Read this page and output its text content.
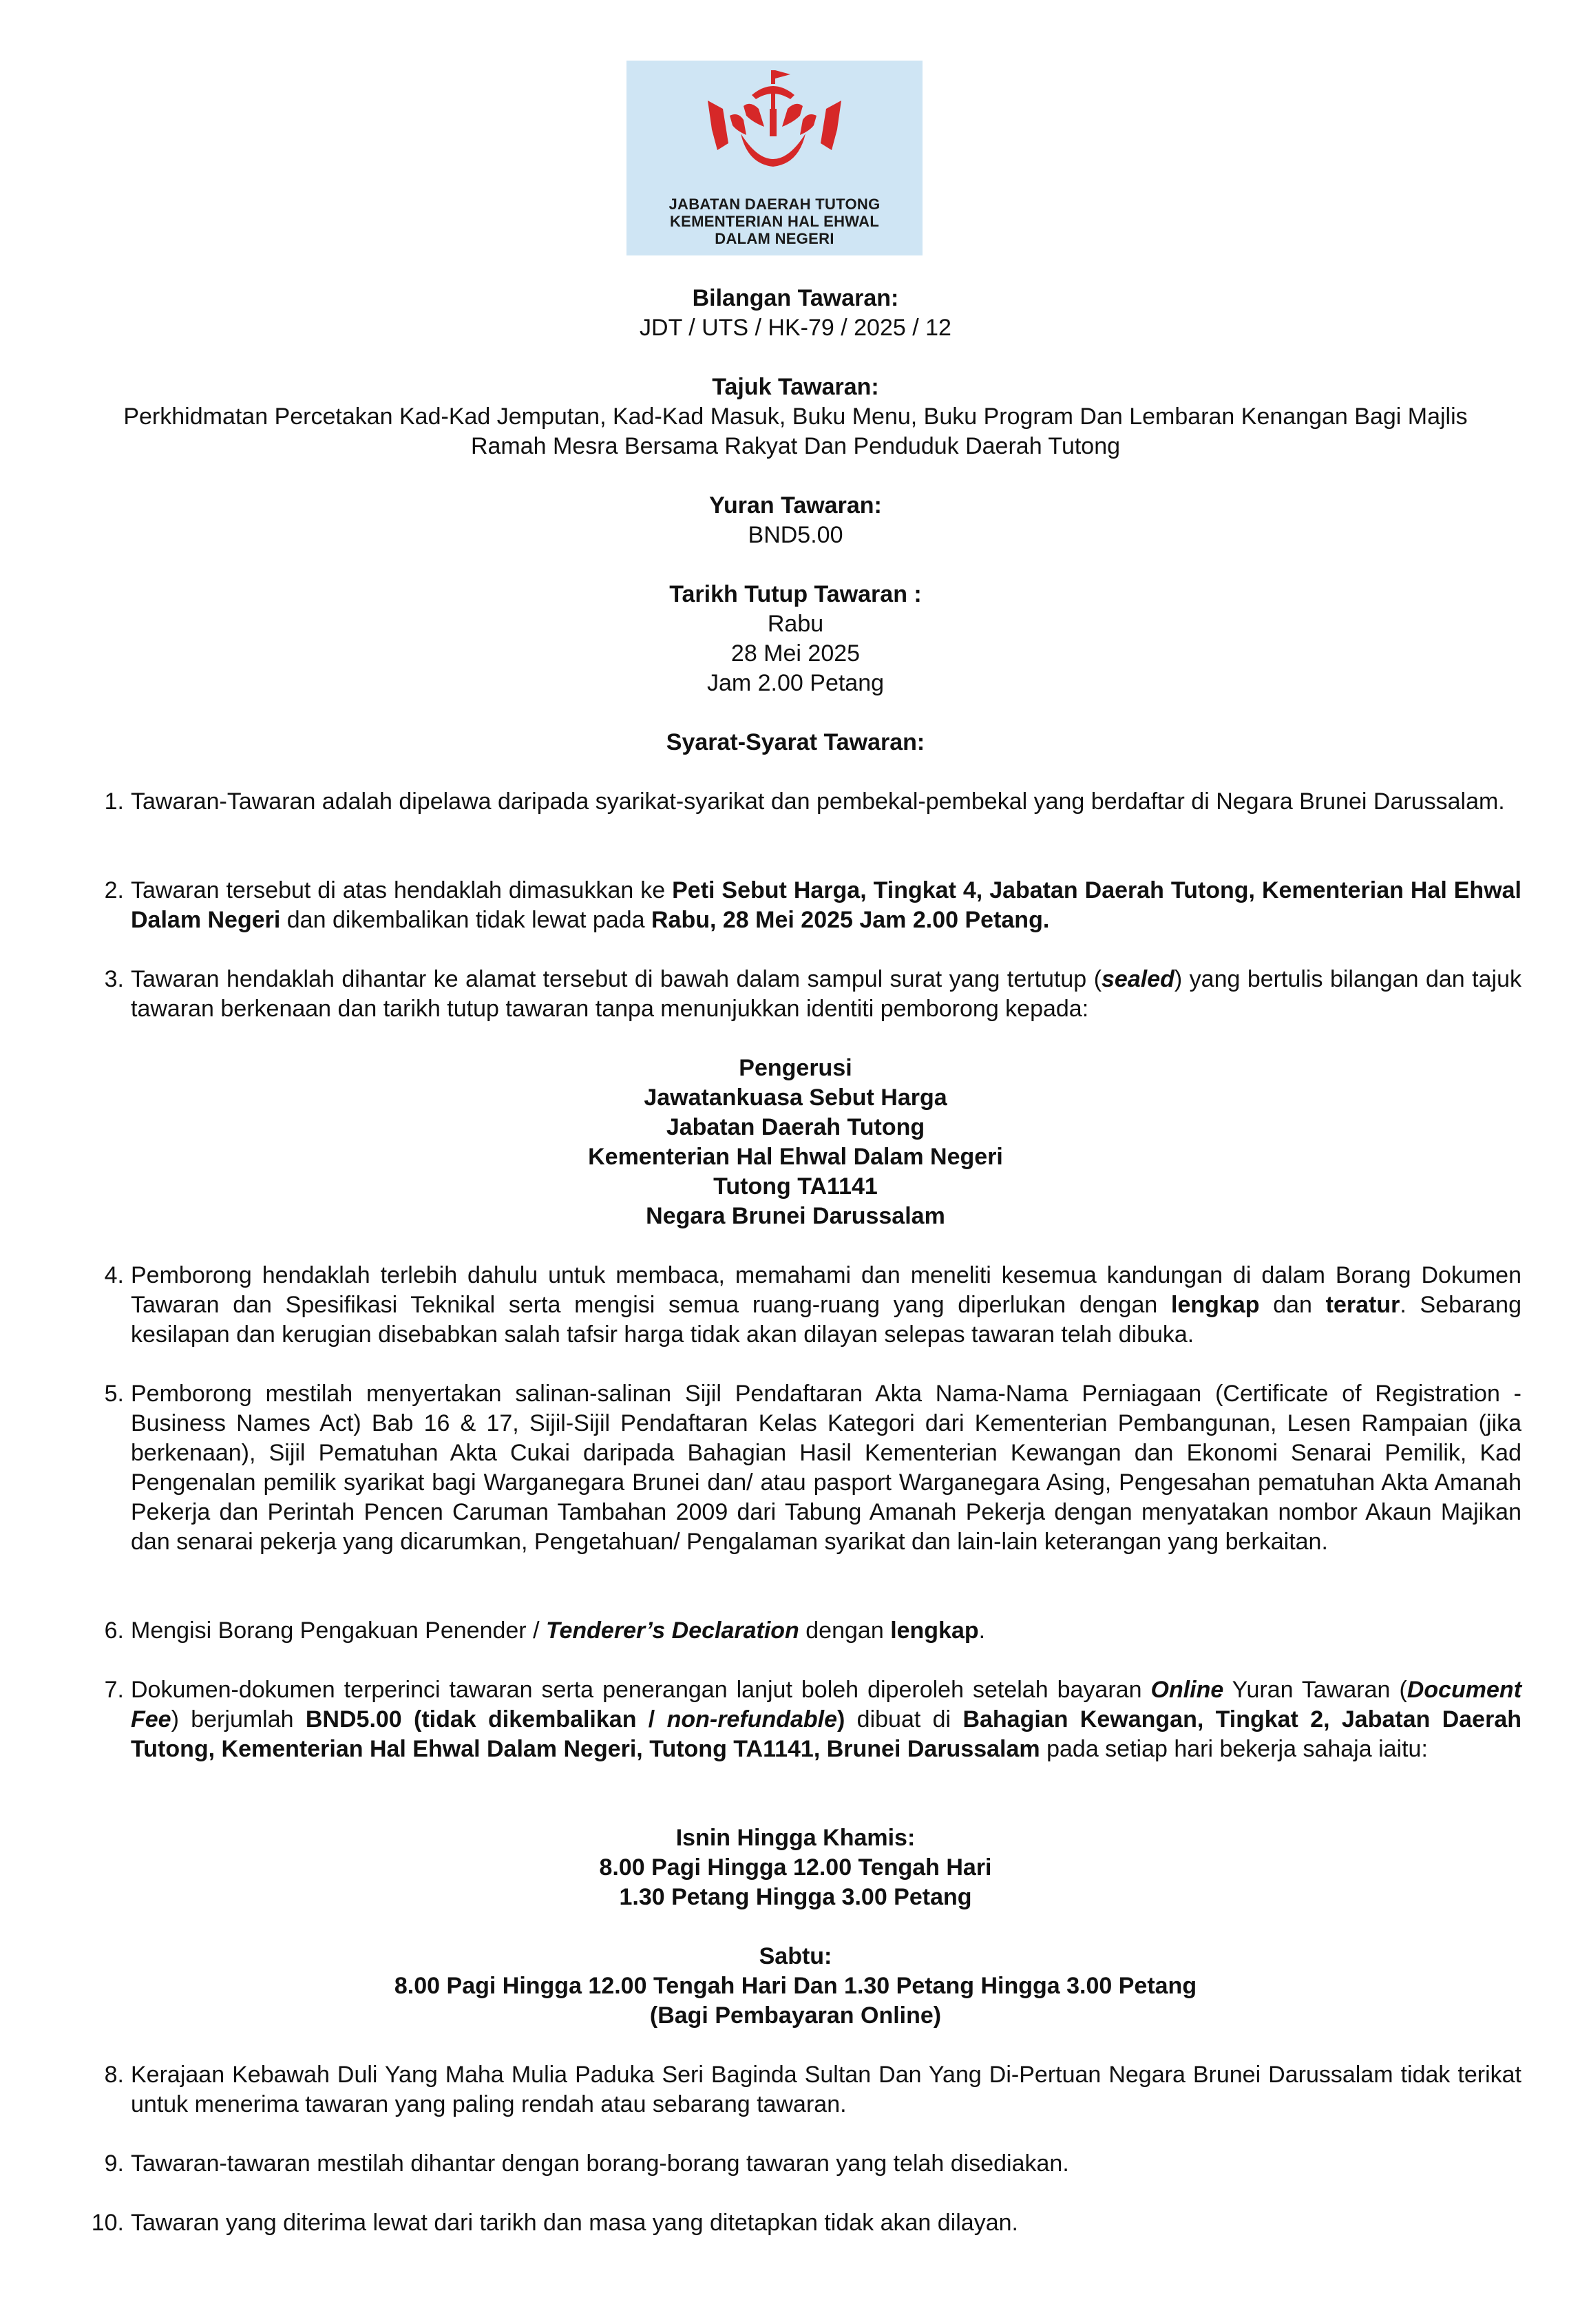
JABATAN DAERAH TUTONG
KEMENTERIAN HAL EHWAL
DALAM NEGERI
Bilangan Tawaran:
JDT / UTS / HK-79 / 2025 / 12
Tajuk Tawaran:
Perkhidmatan Percetakan Kad-Kad Jemputan, Kad-Kad Masuk, Buku Menu, Buku Program Dan Lembaran Kenangan Bagi Majlis
Ramah Mesra Bersama Rakyat Dan Penduduk Daerah Tutong
Yuran Tawaran:
BND5.00
Tarikh Tutup Tawaran :
Rabu
28 Mei 2025
Jam 2.00 Petang
Syarat-Syarat Tawaran:
1. Tawaran-Tawaran adalah dipelawa daripada syarikat-syarikat dan pembekal-pembekal yang berdaftar di Negara Brunei Darussalam.
2. Tawaran tersebut di atas hendaklah dimasukkan ke Peti Sebut Harga, Tingkat 4, Jabatan Daerah Tutong, Kementerian Hal Ehwal Dalam Negeri dan dikembalikan tidak lewat pada Rabu, 28 Mei 2025 Jam 2.00 Petang.
3. Tawaran hendaklah dihantar ke alamat tersebut di bawah dalam sampul surat yang tertutup (sealed) yang bertulis bilangan dan tajuk tawaran berkenaan dan tarikh tutup tawaran tanpa menunjukkan identiti pemborong kepada:
Pengerusi
Jawatankuasa Sebut Harga
Jabatan Daerah Tutong
Kementerian Hal Ehwal Dalam Negeri
Tutong TA1141
Negara Brunei Darussalam
4. Pemborong hendaklah terlebih dahulu untuk membaca, memahami dan meneliti kesemua kandungan di dalam Borang Dokumen Tawaran dan Spesifikasi Teknikal serta mengisi semua ruang-ruang yang diperlukan dengan lengkap dan teratur. Sebarang kesilapan dan kerugian disebabkan salah tafsir harga tidak akan dilayan selepas tawaran telah dibuka.
5. Pemborong mestilah menyertakan salinan-salinan Sijil Pendaftaran Akta Nama-Nama Perniagaan (Certificate of Registration - Business Names Act) Bab 16 & 17, Sijil-Sijil Pendaftaran Kelas Kategori dari Kementerian Pembangunan, Lesen Rampaian (jika berkenaan), Sijil Pematuhan Akta Cukai daripada Bahagian Hasil Kementerian Kewangan dan Ekonomi Senarai Pemilik, Kad Pengenalan pemilik syarikat bagi Warganegara Brunei dan/ atau pasport Warganegara Asing, Pengesahan pematuhan Akta Amanah Pekerja dan Perintah Pencen Caruman Tambahan 2009 dari Tabung Amanah Pekerja dengan menyatakan nombor Akaun Majikan dan senarai pekerja yang dicarumkan, Pengetahuan/ Pengalaman syarikat dan lain-lain keterangan yang berkaitan.
6. Mengisi Borang Pengakuan Penender / Tenderer’s Declaration dengan lengkap.
7. Dokumen-dokumen terperinci tawaran serta penerangan lanjut boleh diperoleh setelah bayaran Online Yuran Tawaran (Document Fee) berjumlah BND5.00 (tidak dikembalikan / non-refundable) dibuat di Bahagian Kewangan, Tingkat 2, Jabatan Daerah Tutong, Kementerian Hal Ehwal Dalam Negeri, Tutong TA1141, Brunei Darussalam pada setiap hari bekerja sahaja iaitu:
Isnin Hingga Khamis:
8.00 Pagi Hingga 12.00 Tengah Hari
1.30 Petang Hingga 3.00 Petang
Sabtu:
8.00 Pagi Hingga 12.00 Tengah Hari Dan 1.30 Petang Hingga 3.00 Petang
(Bagi Pembayaran Online)
8. Kerajaan Kebawah Duli Yang Maha Mulia Paduka Seri Baginda Sultan Dan Yang Di-Pertuan Negara Brunei Darussalam tidak terikat untuk menerima tawaran yang paling rendah atau sebarang tawaran.
9. Tawaran-tawaran mestilah dihantar dengan borang-borang tawaran yang telah disediakan.
10. Tawaran yang diterima lewat dari tarikh dan masa yang ditetapkan tidak akan dilayan.
